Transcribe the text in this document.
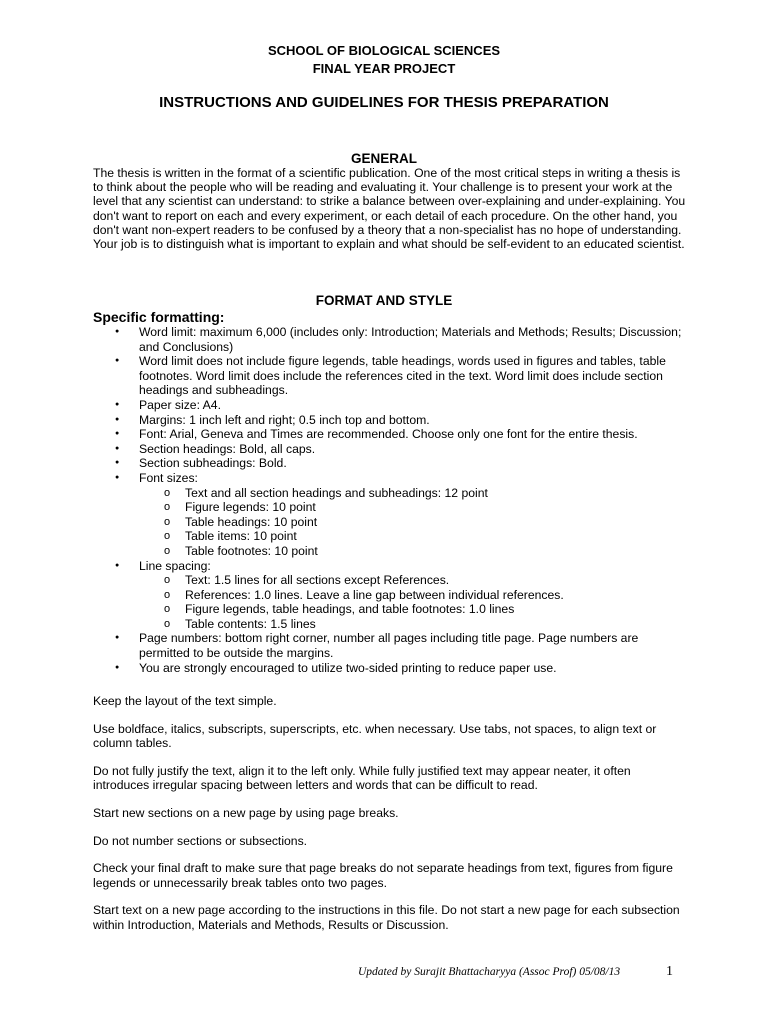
SCHOOL OF BIOLOGICAL SCIENCES
FINAL YEAR PROJECT
INSTRUCTIONS AND GUIDELINES FOR THESIS PREPARATION
GENERAL

The thesis is written in the format of a scientific publication. One of the most critical steps in writing a thesis is to think about the people who will be reading and evaluating it. Your challenge is to present your work at the level that any scientist can understand: to strike a balance between over-explaining and under-explaining. You don't want to report on each and every experiment, or each detail of each procedure. On the other hand, you don't want non-expert readers to be confused by a theory that a non-specialist has no hope of understanding. Your job is to distinguish what is important to explain and what should be self-evident to an educated scientist.

FORMAT AND STYLE
Specific formatting:
● Word limit: maximum 6,000 (includes only: Introduction; Materials and Methods; Results; Discussion; and Conclusions)
● Word limit does not include figure legends, table headings, words used in figures and tables, table footnotes. Word limit does include the references cited in the text. Word limit does include section headings and subheadings.
● Paper size: A4.
● Margins: 1 inch left and right; 0.5 inch top and bottom.
● Font: Arial, Geneva and Times are recommended. Choose only one font for the entire thesis.
● Section headings: Bold, all caps.
● Section subheadings: Bold.
● Font sizes:
o Text and all section headings and subheadings: 12 point
o Figure legends: 10 point
o Table headings: 10 point
o Table items: 10 point
o Table footnotes: 10 point
● Line spacing:
o Text: 1.5 lines for all sections except References.
o References: 1.0 lines. Leave a line gap between individual references.
o Figure legends, table headings, and table footnotes: 1.0 lines
o Table contents: 1.5 lines
● Page numbers: bottom right corner, number all pages including title page. Page numbers are permitted to be outside the margins.
● You are strongly encouraged to utilize two-sided printing to reduce paper use.

Keep the layout of the text simple.

Use boldface, italics, subscripts, superscripts, etc. when necessary. Use tabs, not spaces, to align text or column tables.

Do not fully justify the text, align it to the left only. While fully justified text may appear neater, it often introduces irregular spacing between letters and words that can be difficult to read.

Start new sections on a new page by using page breaks.

Do not number sections or subsections.

Check your final draft to make sure that page breaks do not separate headings from text, figures from figure legends or unnecessarily break tables onto two pages.

Start text on a new page according to the instructions in this file. Do not start a new page for each subsection within Introduction, Materials and Methods, Results or Discussion.

Updated by Surajit Bhattacharyya (Assoc Prof) 05/08/13	1
